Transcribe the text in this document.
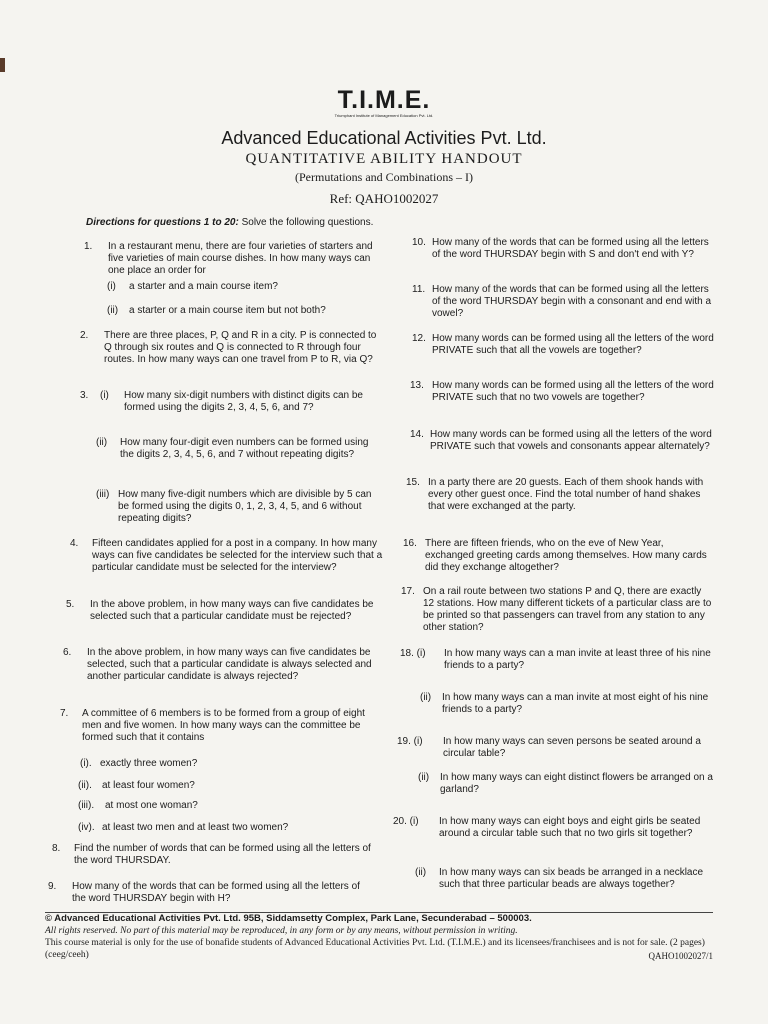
T.I.M.E.
Triumphant Institute of Management Education Pvt. Ltd.
Advanced Educational Activities Pvt. Ltd.
QUANTITATIVE ABILITY HANDOUT
(Permutations and Combinations – I)
Ref: QAHO1002027
Directions for questions 1 to 20: Solve the following questions.
1. In a restaurant menu, there are four varieties of starters and five varieties of main course dishes. In how many ways can one place an order for
(i) a starter and a main course item?
(ii) a starter or a main course item but not both?
2. There are three places, P, Q and R in a city. P is connected to Q through six routes and Q is connected to R through four routes. In how many ways can one travel from P to R, via Q?
3. (i)	How many six-digit numbers with distinct digits can be formed using the digits 2, 3, 4, 5, 6, and 7?
(ii) How many four-digit even numbers can be formed using the digits 2, 3, 4, 5, 6, and 7 without repeating digits?
(iii) How many five-digit numbers which are divisible by 5 can be formed using the digits 0, 1, 2, 3, 4, 5, and 6 without repeating digits?
4. Fifteen candidates applied for a post in a company. In how many ways can five candidates be selected for the interview such that a particular candidate must be selected for the interview?
5. In the above problem, in how many ways can five candidates be selected such that a particular candidate must be rejected?
6. In the above problem, in how many ways can five candidates be selected, such that a particular candidate is always selected and another particular candidate is always rejected?
7. A committee of 6 members is to be formed from a group of eight men and five women. In how many ways can the committee be formed such that it contains
(i). exactly three women?
(ii). at least four women?
(iii). at most one woman?
(iv). at least two men and at least two women?
8. Find the number of words that can be formed using all the letters of the word THURSDAY.
9. How many of the words that can be formed using all the letters of the word THURSDAY begin with H?
10. How many of the words that can be formed using all the letters of the word THURSDAY begin with S and don't end with Y?
11. How many of the words that can be formed using all the letters of the word THURSDAY begin with a consonant and end with a vowel?
12. How many words can be formed using all the letters of the word PRIVATE such that all the vowels are together?
13. How many words can be formed using all the letters of the word PRIVATE such that no two vowels are together?
14. How many words can be formed using all the letters of the word PRIVATE such that vowels and consonants appear alternately?
15. In a party there are 20 guests. Each of them shook hands with every other guest once. Find the total number of hand shakes that were exchanged at the party.
16. There are fifteen friends, who on the eve of New Year, exchanged greeting cards among themselves. How many cards did they exchange altogether?
17. On a rail route between two stations P and Q, there are exactly 12 stations. How many different tickets of a particular class are to be printed so that passengers can travel from any station to any other station?
18. (i) In how many ways can a man invite at least three of his nine friends to a party?
(ii) In how many ways can a man invite at most eight of his nine friends to a party?
19. (i) In how many ways can seven persons be seated around a circular table?
(ii) In how many ways can eight distinct flowers be arranged on a garland?
20. (i) In how many ways can eight boys and eight girls be seated around a circular table such that no two girls sit together?
(ii) In how many ways can six beads be arranged in a necklace such that three particular beads are always together?
© Advanced Educational Activities Pvt. Ltd. 95B, Siddamsetty Complex, Park Lane, Secunderabad – 500003.
All rights reserved. No part of this material may be reproduced, in any form or by any means, without permission in writing.
This course material is only for the use of bonafide students of Advanced Educational Activities Pvt. Ltd. (T.I.M.E.) and its licensees/franchisees and is not for sale. (2 pages) (ceeg/ceeh)	QAHO1002027/1
